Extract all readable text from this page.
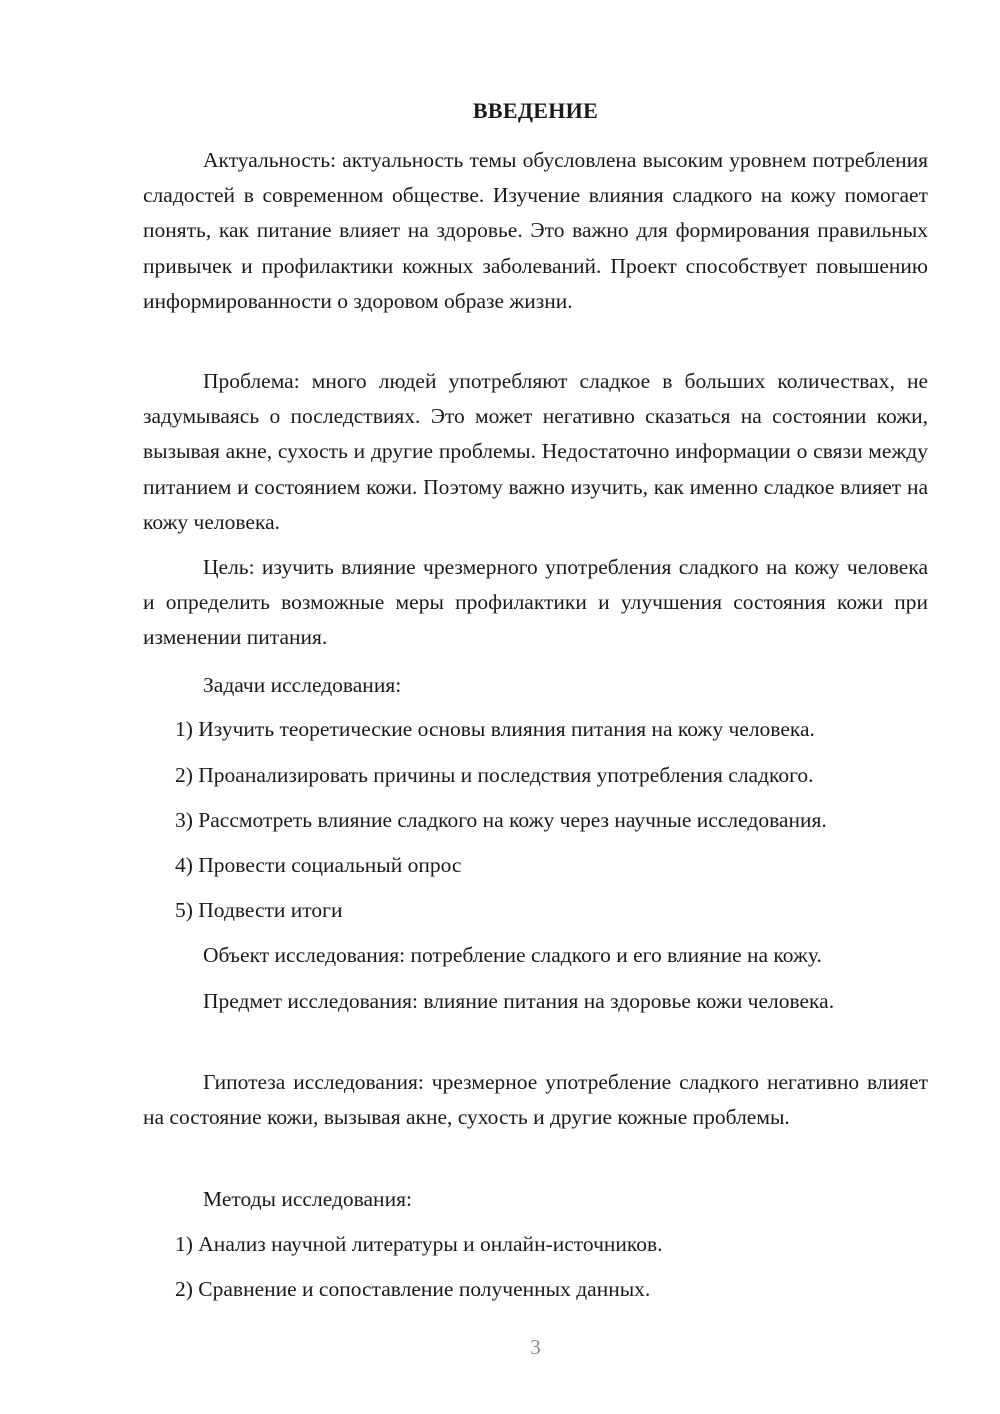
ВВЕДЕНИЕ

Актуальность: актуальность темы обусловлена высоким уровнем потребления сладостей в современном обществе. Изучение влияния сладкого на кожу помогает понять, как питание влияет на здоровье. Это важно для формирования правильных привычек и профилактики кожных заболеваний. Проект способствует повышению информированности о здоровом образе жизни.

Проблема: много людей употребляют сладкое в больших количествах, не задумываясь о последствиях. Это может негативно сказаться на состоянии кожи, вызывая акне, сухость и другие проблемы. Недостаточно информации о связи между питанием и состоянием кожи. Поэтому важно изучить, как именно сладкое влияет на кожу человека.

Цель: изучить влияние чрезмерного употребления сладкого на кожу человека и определить возможные меры профилактики и улучшения состояния кожи при изменении питания.

Задачи исследования:

1) Изучить теоретические основы влияния питания на кожу человека.

2) Проанализировать причины и последствия употребления сладкого.

3) Рассмотреть влияние сладкого на кожу через научные исследования.

4) Провести социальный опрос

5) Подвести итоги

Объект исследования: потребление сладкого и его влияние на кожу.

Предмет исследования: влияние питания на здоровье кожи человека.

Гипотеза исследования: чрезмерное употребление сладкого негативно влияет на состояние кожи, вызывая акне, сухость и другие кожные проблемы.

Методы исследования:

1) Анализ научной литературы и онлайн-источников.

2) Сравнение и сопоставление полученных данных.

3
